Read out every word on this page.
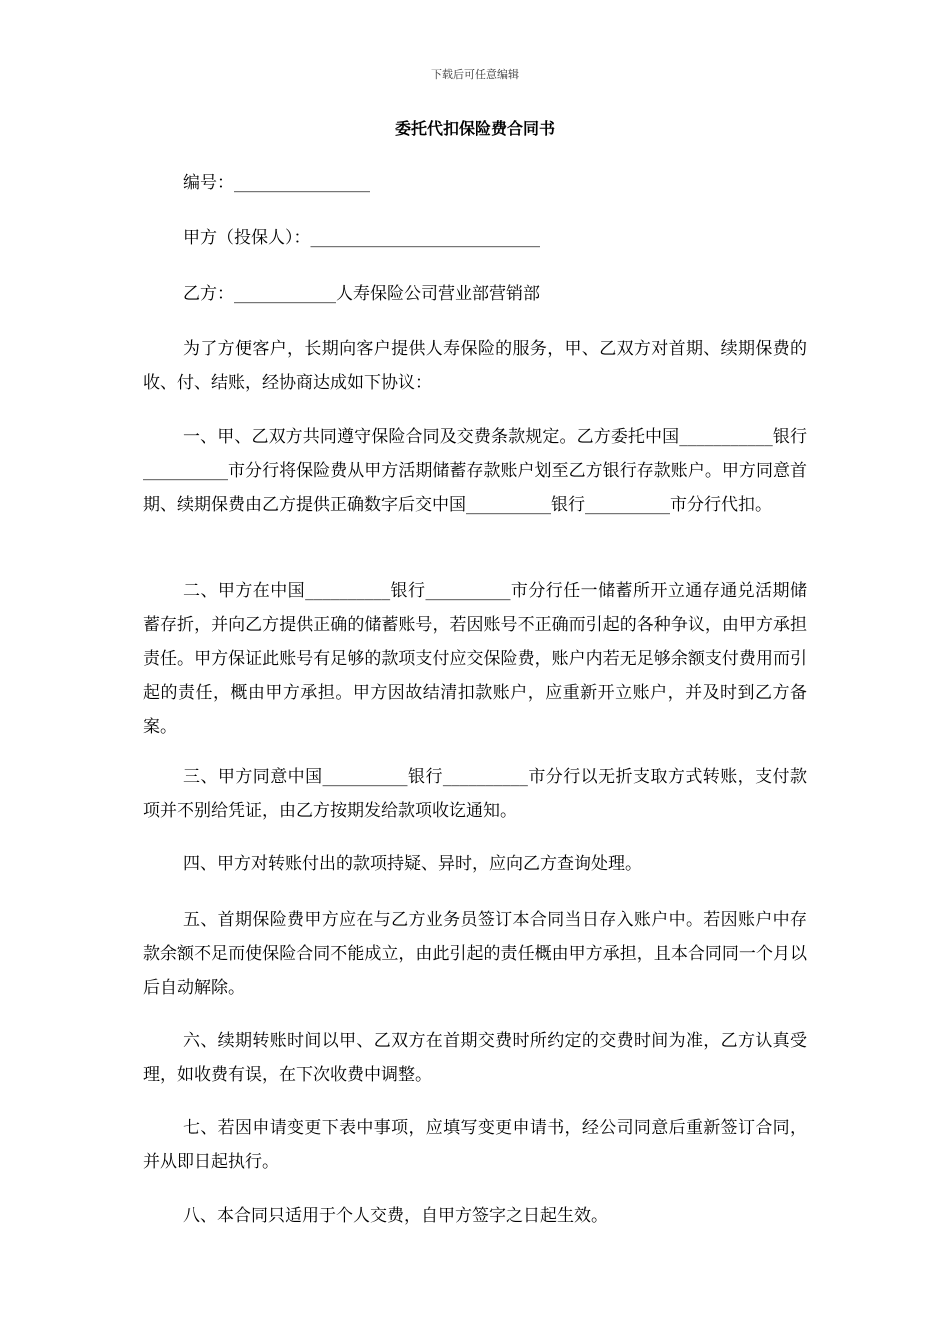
下载后可任意编辑
委托代扣保险费合同书
编号：________________
甲方（投保人）：___________________________
乙方：____________人寿保险公司营业部营销部

为了方便客户，长期向客户提供人寿保险的服务，甲、乙双方对首期、续期保费的收、付、结账，经协商达成如下协议：

一、甲、乙双方共同遵守保险合同及交费条款规定。乙方委托中国___________银行__________市分行将保险费从甲方活期储蓄存款账户划至乙方银行存款账户。甲方同意首期、续期保费由乙方提供正确数字后交中国__________银行__________市分行代扣。

二、甲方在中国__________银行__________市分行任一储蓄所开立通存通兑活期储蓄存折，并向乙方提供正确的储蓄账号，若因账号不正确而引起的各种争议，由甲方承担责任。甲方保证此账号有足够的款项支付应交保险费，账户内若无足够余额支付费用而引起的责任，概由甲方承担。甲方因故结清扣款账户，应重新开立账户，并及时到乙方备案。

三、甲方同意中国__________银行__________市分行以无折支取方式转账，支付款项并不别给凭证，由乙方按期发给款项收讫通知。

四、甲方对转账付出的款项持疑、异时，应向乙方查询处理。

五、首期保险费甲方应在与乙方业务员签订本合同当日存入账户中。若因账户中存款余额不足而使保险合同不能成立，由此引起的责任概由甲方承担，且本合同同一个月以后自动解除。

六、续期转账时间以甲、乙双方在首期交费时所约定的交费时间为准，乙方认真受理，如收费有误，在下次收费中调整。

七、若因申请变更下表中事项，应填写变更申请书，经公司同意后重新签订合同，并从即日起执行。

八、本合同只适用于个人交费，自甲方签字之日起生效。
